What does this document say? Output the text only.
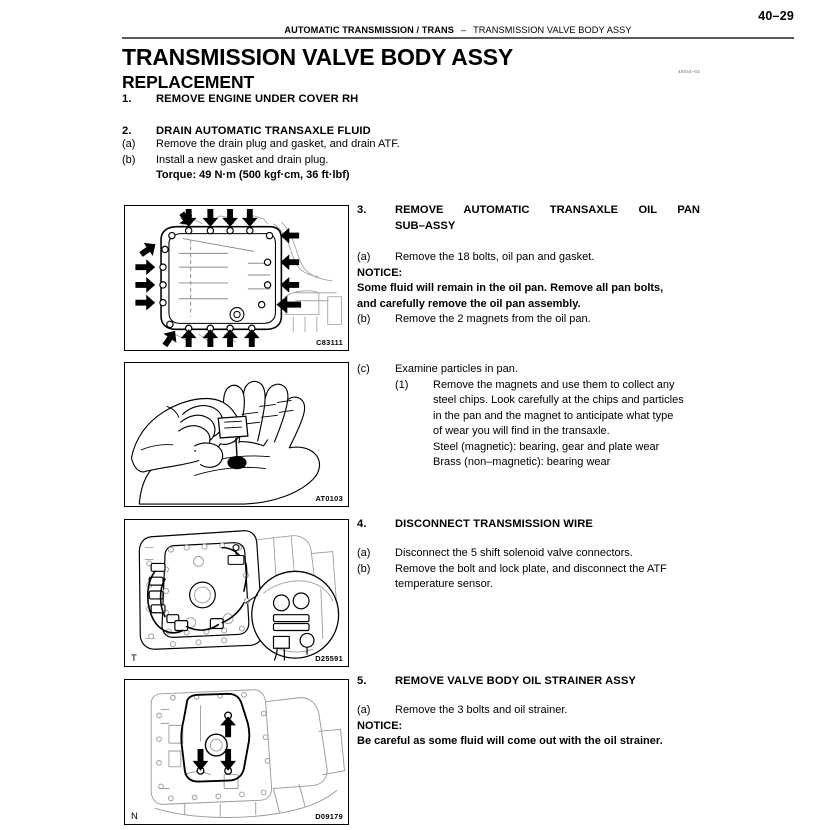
40–29
AUTOMATIC TRANSMISSION / TRANS – TRANSMISSION VALVE BODY ASSY
TRANSMISSION VALVE BODY ASSY
REPLACEMENT
40044–02
1. REMOVE ENGINE UNDER COVER RH
2. DRAIN AUTOMATIC TRANSAXLE FLUID
(a) Remove the drain plug and gasket, and drain ATF.
(b) Install a new gasket and drain plug.
Torque: 49 N·m (500 kgf·cm, 36 ft·lbf)
C83111
3.	REMOVE AUTOMATIC TRANSAXLE OIL PAN
SUB–ASSY
(a) Remove the 18 bolts, oil pan and gasket.
NOTICE:
Some fluid will remain in the oil pan. Remove all pan bolts,
and carefully remove the oil pan assembly.
(b) Remove the 2 magnets from the oil pan.
AT0103
(c) Examine particles in pan.
(1) Remove the magnets and use them to collect any
steel chips. Look carefully at the chips and particles
in the pan and the magnet to anticipate what type
of wear you will find in the transaxle.
Steel (magnetic): bearing, gear and plate wear
Brass (non–magnetic): bearing wear
T	D25591
4.	DISCONNECT TRANSMISSION WIRE
(a) Disconnect the 5 shift solenoid valve connectors.
(b) Remove the bolt and lock plate, and disconnect the ATF
temperature sensor.
N	D09179
5.	REMOVE VALVE BODY OIL STRAINER ASSY
(a) Remove the 3 bolts and oil strainer.
NOTICE:
Be careful as some fluid will come out with the oil strainer.
